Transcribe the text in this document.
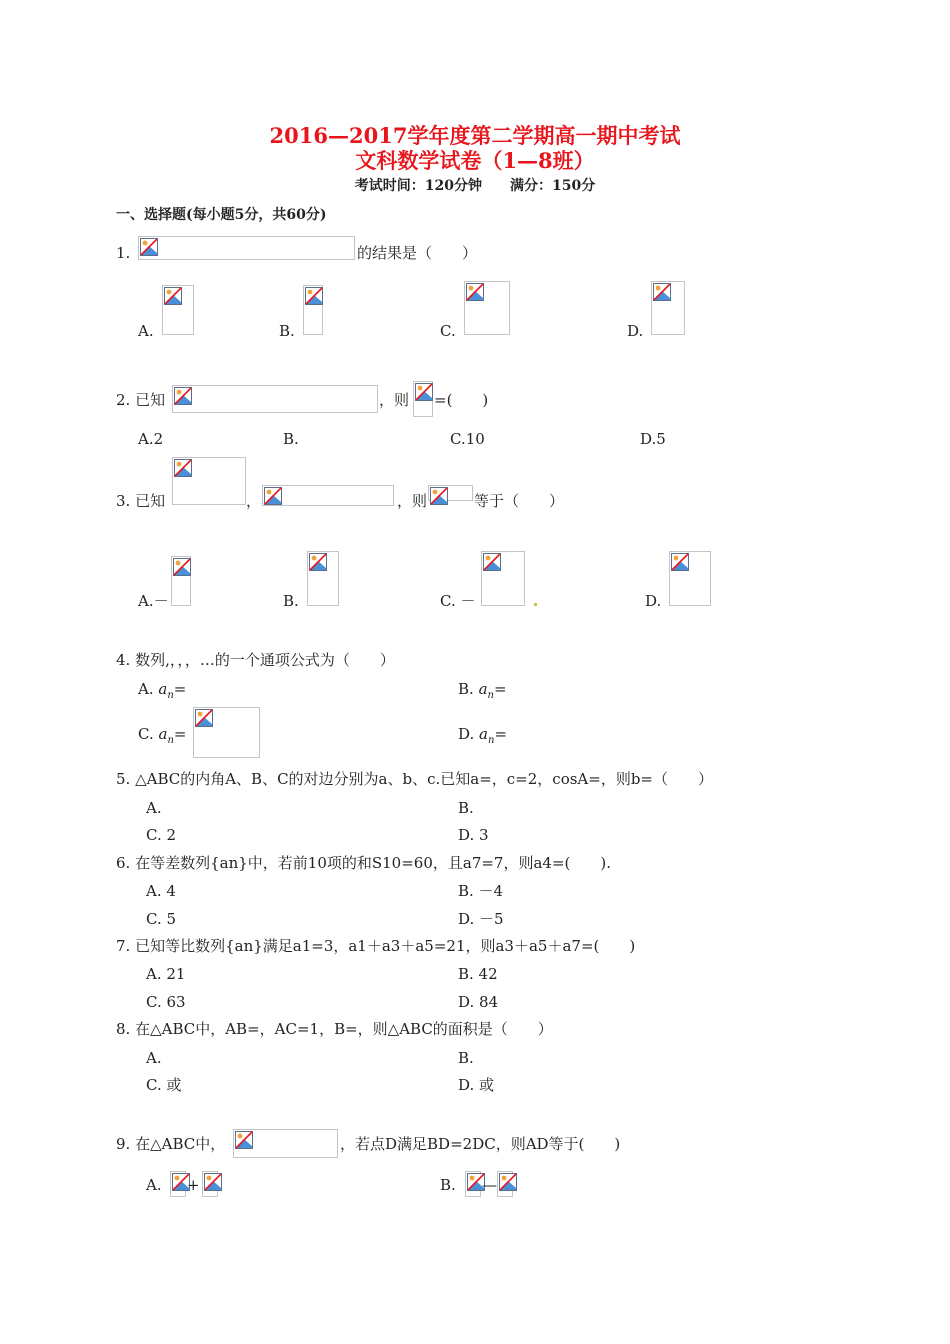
2016—2017学年度第二学期高一期中考试
文科数学试卷（1—8班）
考试时间：120分钟　　满分：150分
一、选择题(每小题5分，共60分)
1.	的结果是（　　）
A.	B.	C.	D.
2. 已知	，则 =(　　)
A.2	B.	C.10	D.5
3. 已知	，	，则	等于（　　）
A.－	B.	C. －	D.
4. 数列,，，，…的一个通项公式为（　　）
A. $a_n=$	B. $a_n=$
C. $a_n=$	D. $a_n=$
5. △ABC的内角A、B、C的对边分别为a、b、c.已知a=，c=2，cosA=，则b=（　　）
A.	B.
C. 2	D. 3
6. 在等差数列{an}中，若前10项的和S10=60，且a7=7，则a4=(　　).
A. 4	B. －4
C. 5	D. －5
7. 已知等比数列{an}满足a1=3，a1＋a3＋a5=21，则a3＋a5＋a7=(　　)
A. 21	B. 42
C. 63	D. 84
8. 在△ABC中，AB=，AC=1，B=，则△ABC的面积是（　　）
A.	B.
C. 或	D. 或
9. 在△ABC中，	，若点D满足BD=2DC，则AD等于(　　)
A. +	B. —
